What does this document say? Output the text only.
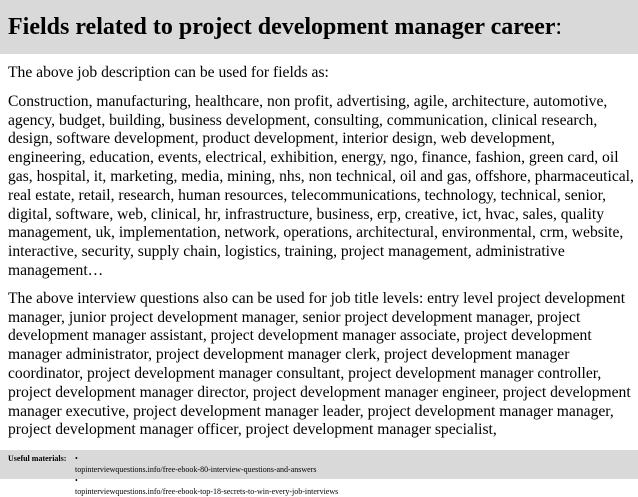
Fields related to project development manager career:

The above job description can be used for fields as:

Construction, manufacturing, healthcare, non profit, advertising, agile, architecture, automotive, agency, budget, building, business development, consulting, communication, clinical research, design, software development, product development, interior design, web development, engineering, education, events, electrical, exhibition, energy, ngo, finance, fashion, green card, oil gas, hospital, it, marketing, media, mining, nhs, non technical, oil and gas, offshore, pharmaceutical, real estate, retail, research, human resources, telecommunications, technology, technical, senior, digital, software, web, clinical, hr, infrastructure, business, erp, creative, ict, hvac, sales, quality management, uk, implementation, network, operations, architectural, environmental, crm, website, interactive, security, supply chain, logistics, training, project management, administrative management…

The above interview questions also can be used for job title levels: entry level project development manager, junior project development manager, senior project development manager, project development manager assistant, project development manager associate, project development manager administrator, project development manager clerk, project development manager coordinator, project development manager consultant, project development manager controller, project development manager director, project development manager engineer, project development manager executive, project development manager leader, project development manager manager, project development manager officer, project development manager specialist,

Useful materials:	•
topinterviewquestions.info/free-ebook-80-interview-questions-and-answers
•
topinterviewquestions.info/free-ebook-top-18-secrets-to-win-every-job-interviews
